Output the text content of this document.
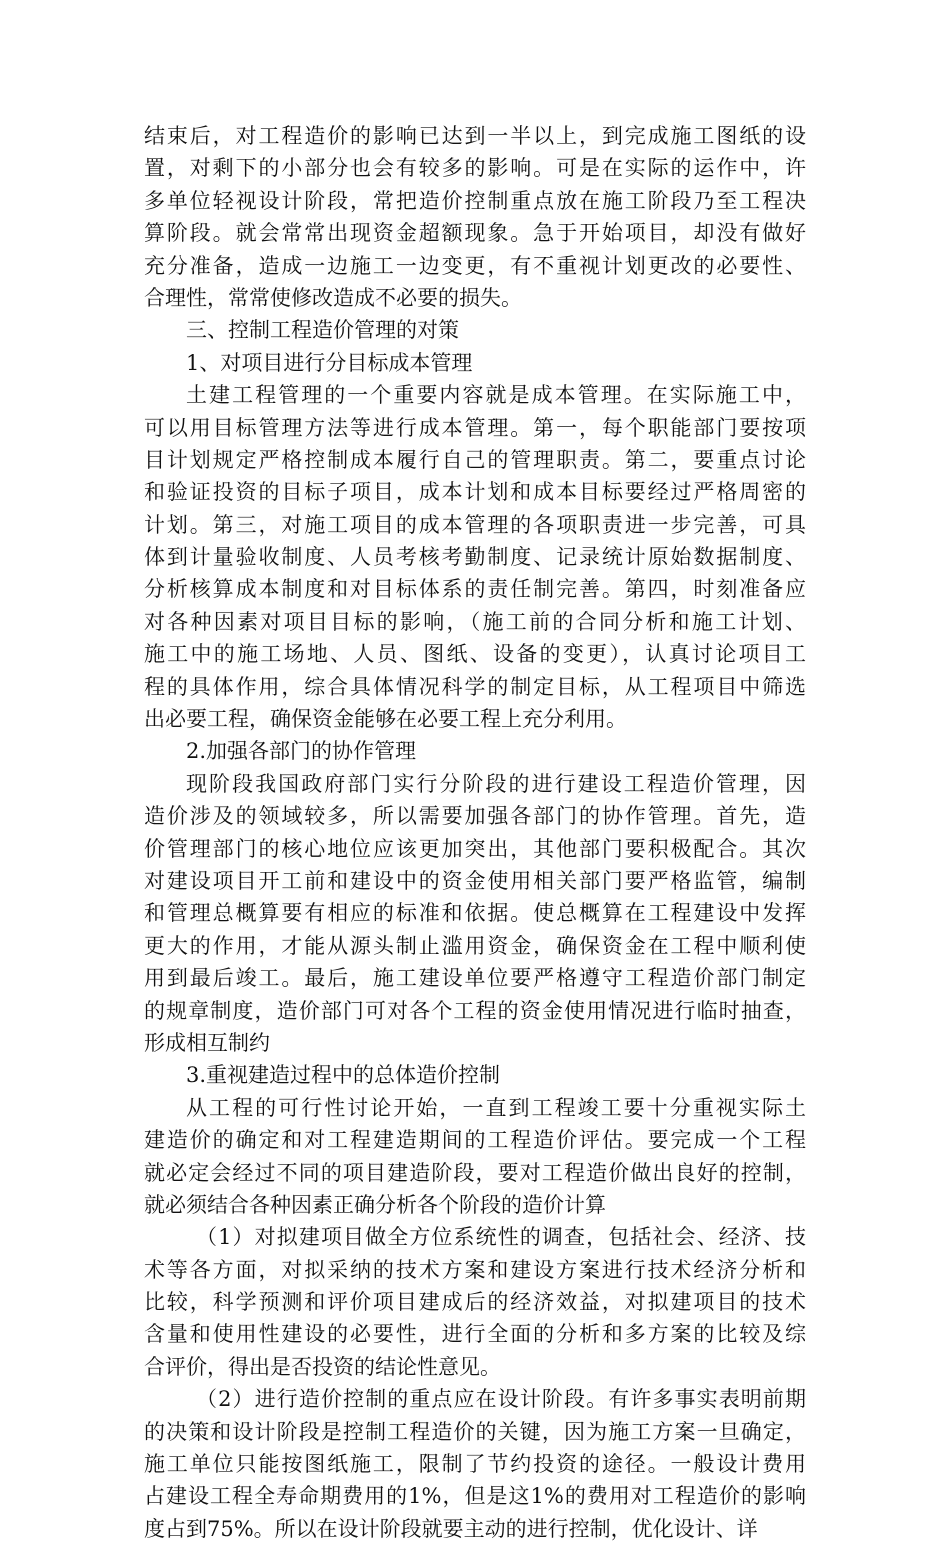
结束后，对工程造价的影响已达到一半以上，到完成施工图纸的设
置，对剩下的小部分也会有较多的影响。可是在实际的运作中，许
多单位轻视设计阶段，常把造价控制重点放在施工阶段乃至工程决
算阶段。就会常常出现资金超额现象。急于开始项目，却没有做好
充分准备，造成一边施工一边变更，有不重视计划更改的必要性、
合理性，常常使修改造成不必要的损失。
三、控制工程造价管理的对策
1、对项目进行分目标成本管理
土建工程管理的一个重要内容就是成本管理。在实际施工中，
可以用目标管理方法等进行成本管理。第一，每个职能部门要按项
目计划规定严格控制成本履行自己的管理职责。第二，要重点讨论
和验证投资的目标子项目，成本计划和成本目标要经过严格周密的
计划。第三，对施工项目的成本管理的各项职责进一步完善，可具
体到计量验收制度、人员考核考勤制度、记录统计原始数据制度、
分析核算成本制度和对目标体系的责任制完善。第四，时刻准备应
对各种因素对项目目标的影响，（施工前的合同分析和施工计划、
施工中的施工场地、人员、图纸、设备的变更），认真讨论项目工
程的具体作用，综合具体情况科学的制定目标，从工程项目中筛选
出必要工程，确保资金能够在必要工程上充分利用。
2.加强各部门的协作管理
现阶段我国政府部门实行分阶段的进行建设工程造价管理，因
造价涉及的领域较多，所以需要加强各部门的协作管理。首先，造
价管理部门的核心地位应该更加突出，其他部门要积极配合。其次
对建设项目开工前和建设中的资金使用相关部门要严格监管，编制
和管理总概算要有相应的标准和依据。使总概算在工程建设中发挥
更大的作用，才能从源头制止滥用资金，确保资金在工程中顺利使
用到最后竣工。最后，施工建设单位要严格遵守工程造价部门制定
的规章制度，造价部门可对各个工程的资金使用情况进行临时抽查，
形成相互制约
3.重视建造过程中的总体造价控制
从工程的可行性讨论开始，一直到工程竣工要十分重视实际土
建造价的确定和对工程建造期间的工程造价评估。要完成一个工程
就必定会经过不同的项目建造阶段，要对工程造价做出良好的控制，
就必须结合各种因素正确分析各个阶段的造价计算
（1）对拟建项目做全方位系统性的调查，包括社会、经济、技
术等各方面，对拟采纳的技术方案和建设方案进行技术经济分析和
比较，科学预测和评价项目建成后的经济效益，对拟建项目的技术
含量和使用性建设的必要性，进行全面的分析和多方案的比较及综
合评价，得出是否投资的结论性意见。
（2）进行造价控制的重点应在设计阶段。有许多事实表明前期
的决策和设计阶段是控制工程造价的关键，因为施工方案一旦确定，
施工单位只能按图纸施工，限制了节约投资的途径。一般设计费用
占建设工程全寿命期费用的1%，但是这1%的费用对工程造价的影响
度占到75%。所以在设计阶段就要主动的进行控制，优化设计、详
